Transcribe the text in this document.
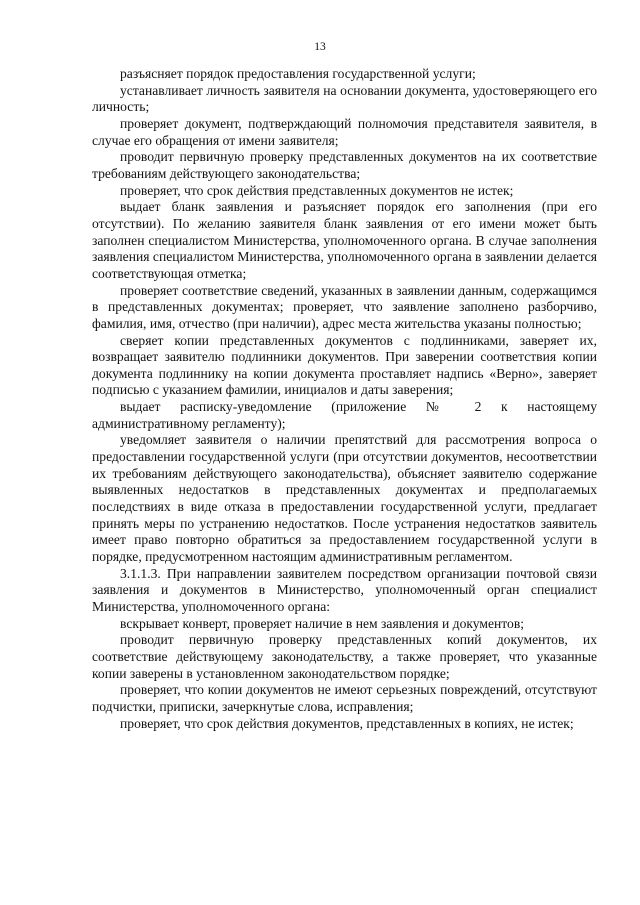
13

разъясняет порядок предоставления государственной услуги;

устанавливает личность заявителя на основании документа, удостоверяющего его личность;

проверяет документ, подтверждающий полномочия представителя заявителя, в случае его обращения от имени заявителя;

проводит первичную проверку представленных документов на их соответствие требованиям действующего законодательства;

проверяет, что срок действия представленных документов не истек;

выдает бланк заявления и разъясняет порядок его заполнения (при его отсутствии). По желанию заявителя бланк заявления от его имени может быть заполнен специалистом Министерства, уполномоченного органа. В случае заполнения заявления специалистом Министерства, уполномоченного органа в заявлении делается соответствующая отметка;

проверяет соответствие сведений, указанных в заявлении данным, содержащимся в представленных документах; проверяет, что заявление заполнено разборчиво, фамилия, имя, отчество (при наличии), адрес места жительства указаны полностью;

сверяет копии представленных документов с подлинниками, заверяет их, возвращает заявителю подлинники документов. При заверении соответствия копии документа подлиннику на копии документа проставляет надпись «Верно», заверяет подписью с указанием фамилии, инициалов и даты заверения;

выдает расписку-уведомление (приложение № 2 к настоящему административному регламенту);

уведомляет заявителя о наличии препятствий для рассмотрения вопроса о предоставлении государственной услуги (при отсутствии документов, несоответствии их требованиям действующего законодательства), объясняет заявителю содержание выявленных недостатков в представленных документах и предполагаемых последствиях в виде отказа в предоставлении государственной услуги, предлагает принять меры по устранению недостатков. После устранения недостатков заявитель имеет право повторно обратиться за предоставлением государственной услуги в порядке, предусмотренном настоящим административным регламентом.

3.1.1.3. При направлении заявителем посредством организации почтовой связи заявления и документов в Министерство, уполномоченный орган специалист Министерства, уполномоченного органа:

вскрывает конверт, проверяет наличие в нем заявления и документов;

проводит первичную проверку представленных копий документов, их соответствие действующему законодательству, а также проверяет, что указанные копии заверены в установленном законодательством порядке;

проверяет, что копии документов не имеют серьезных повреждений, отсутствуют подчистки, приписки, зачеркнутые слова, исправления;

проверяет, что срок действия документов, представленных в копиях, не истек;
